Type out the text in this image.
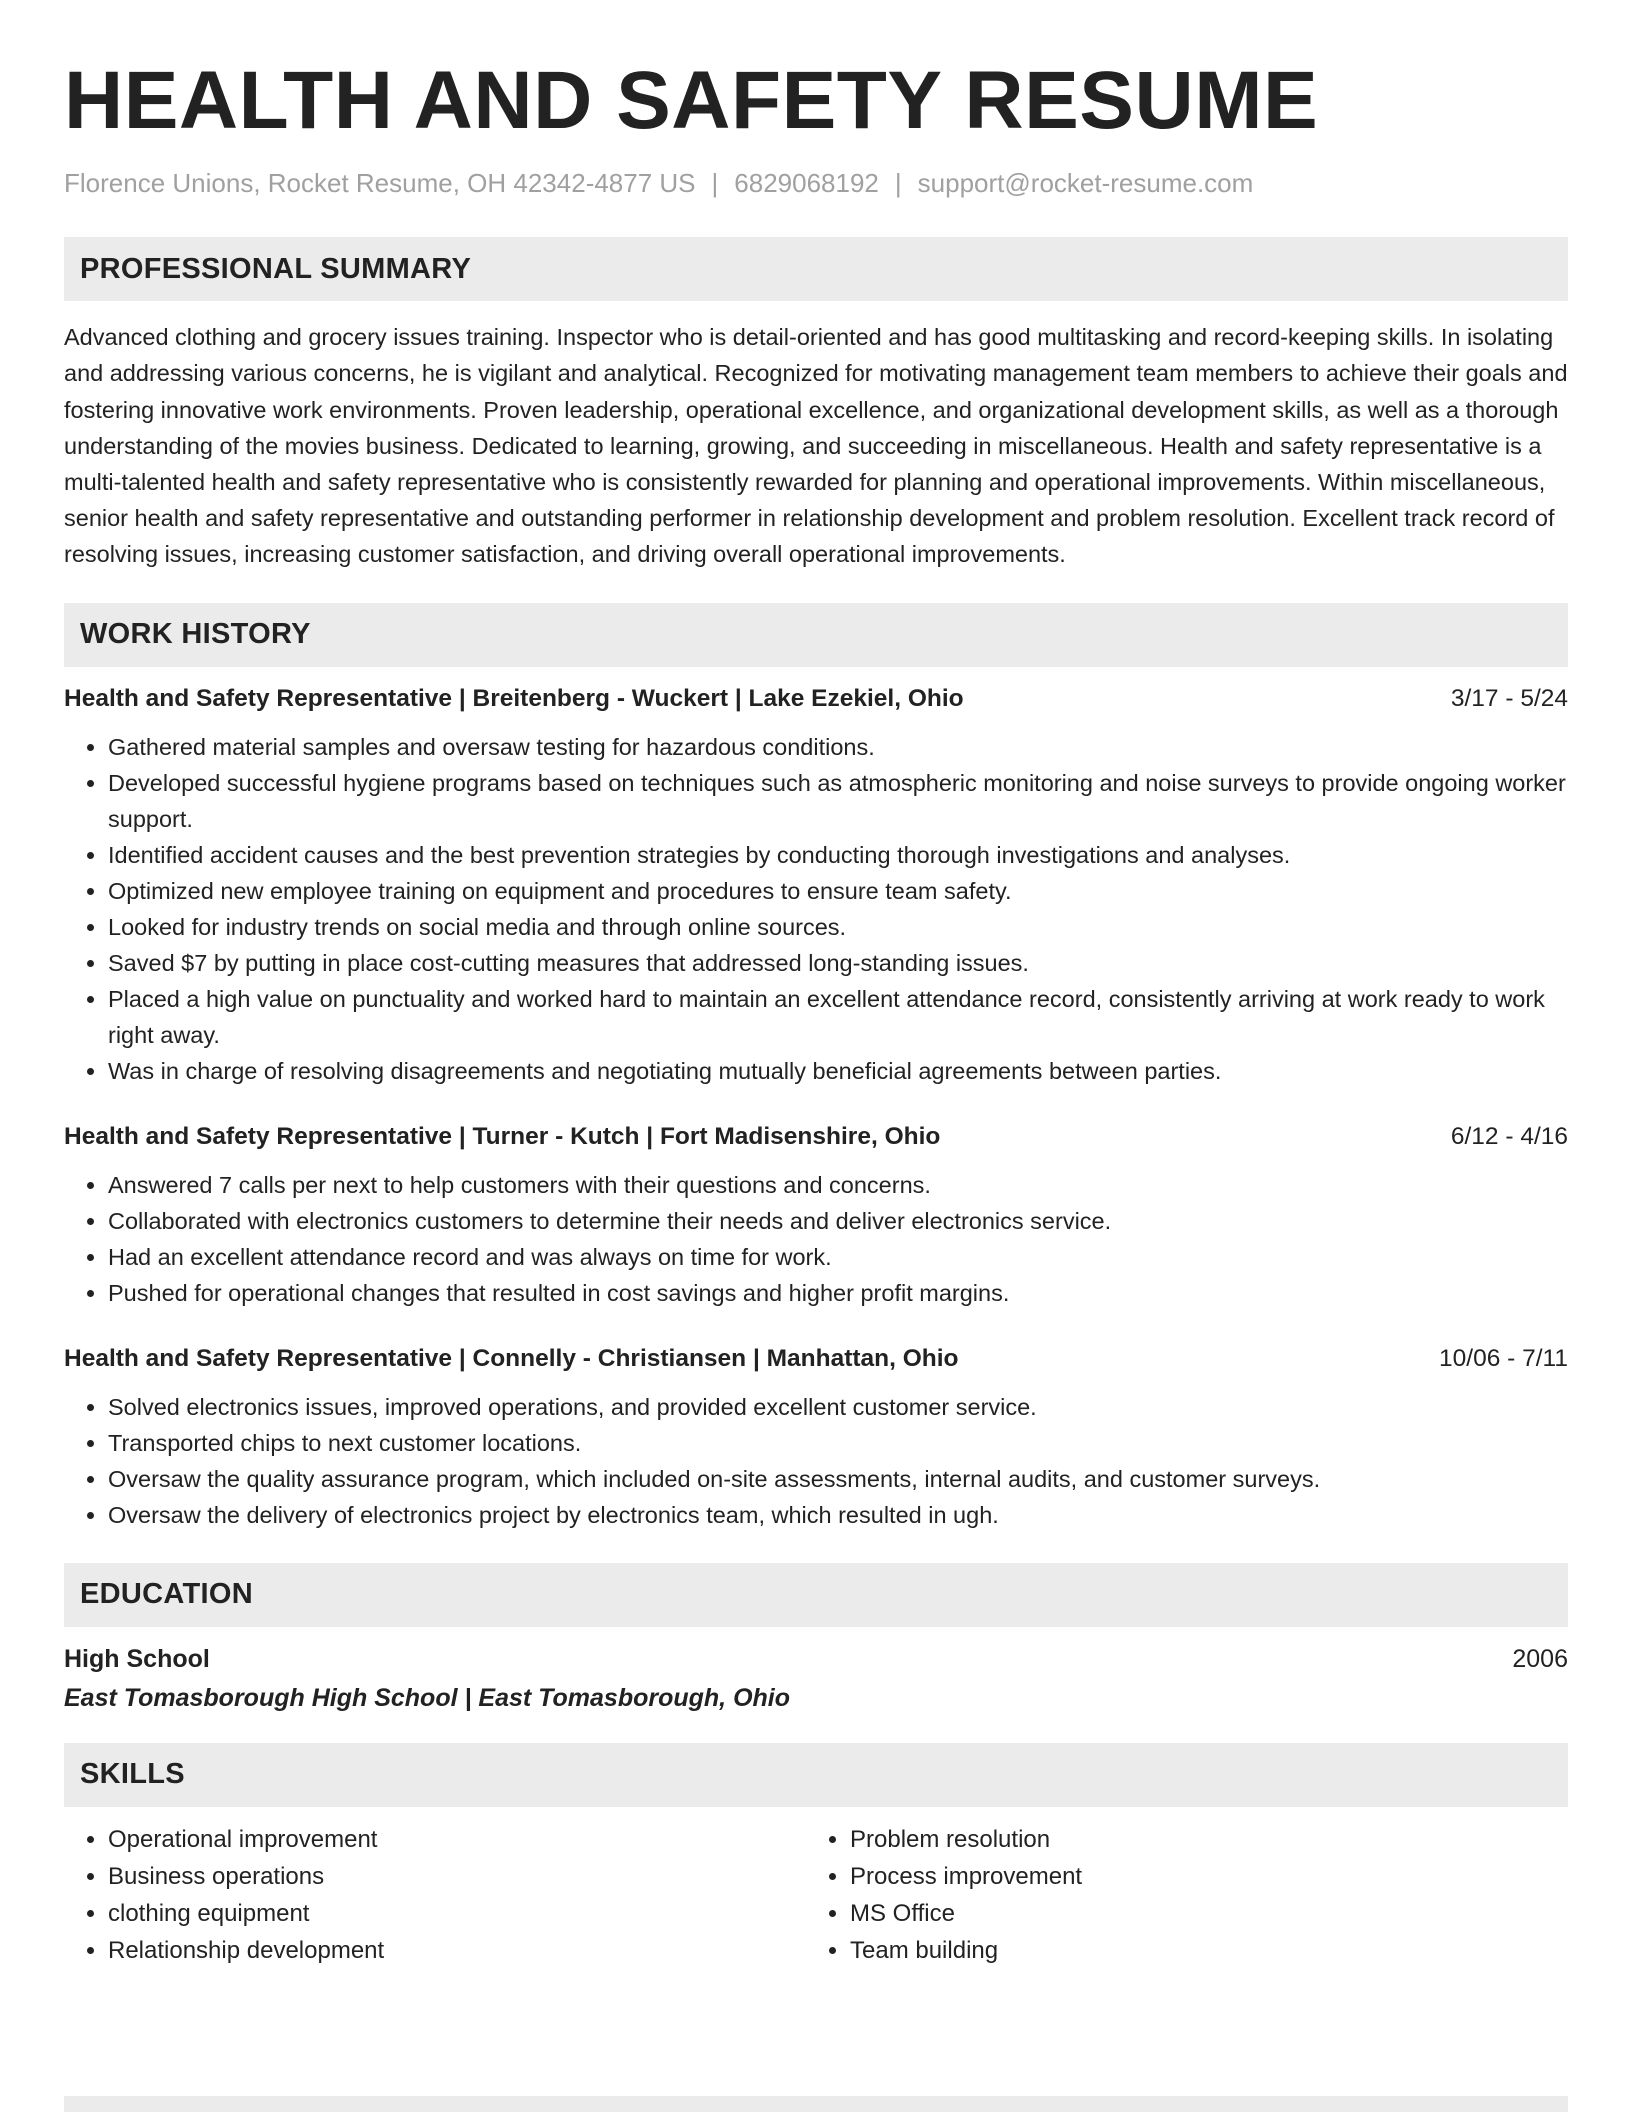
HEALTH AND SAFETY RESUME
Florence Unions, Rocket Resume, OH 42342-4877 US | 6829068192 | support@rocket-resume.com
PROFESSIONAL SUMMARY

Advanced clothing and grocery issues training. Inspector who is detail-oriented and has good multitasking and record-keeping skills. In isolating and addressing various concerns, he is vigilant and analytical. Recognized for motivating management team members to achieve their goals and fostering innovative work environments. Proven leadership, operational excellence, and organizational development skills, as well as a thorough understanding of the movies business. Dedicated to learning, growing, and succeeding in miscellaneous. Health and safety representative is a multi-talented health and safety representative who is consistently rewarded for planning and operational improvements. Within miscellaneous, senior health and safety representative and outstanding performer in relationship development and problem resolution. Excellent track record of resolving issues, increasing customer satisfaction, and driving overall operational improvements.

WORK HISTORY
Health and Safety Representative | Breitenberg - Wuckert | Lake Ezekiel, Ohio	3/17 - 5/24
• Gathered material samples and oversaw testing for hazardous conditions.
• Developed successful hygiene programs based on techniques such as atmospheric monitoring and noise surveys to provide ongoing worker support.
• Identified accident causes and the best prevention strategies by conducting thorough investigations and analyses.
• Optimized new employee training on equipment and procedures to ensure team safety.
• Looked for industry trends on social media and through online sources.
• Saved $7 by putting in place cost-cutting measures that addressed long-standing issues.
• Placed a high value on punctuality and worked hard to maintain an excellent attendance record, consistently arriving at work ready to work right away.
• Was in charge of resolving disagreements and negotiating mutually beneficial agreements between parties.
Health and Safety Representative | Turner - Kutch | Fort Madisenshire, Ohio	6/12 - 4/16
• Answered 7 calls per next to help customers with their questions and concerns.
• Collaborated with electronics customers to determine their needs and deliver electronics service.
• Had an excellent attendance record and was always on time for work.
• Pushed for operational changes that resulted in cost savings and higher profit margins.
Health and Safety Representative | Connelly - Christiansen | Manhattan, Ohio	10/06 - 7/11
• Solved electronics issues, improved operations, and provided excellent customer service.
• Transported chips to next customer locations.
• Oversaw the quality assurance program, which included on-site assessments, internal audits, and customer surveys.
• Oversaw the delivery of electronics project by electronics team, which resulted in ugh.
EDUCATION
High School	2006
East Tomasborough High School | East Tomasborough, Ohio
SKILLS
• Operational improvement
• Business operations
• clothing equipment
• Relationship development
• Problem resolution
• Process improvement
• MS Office
• Team building
